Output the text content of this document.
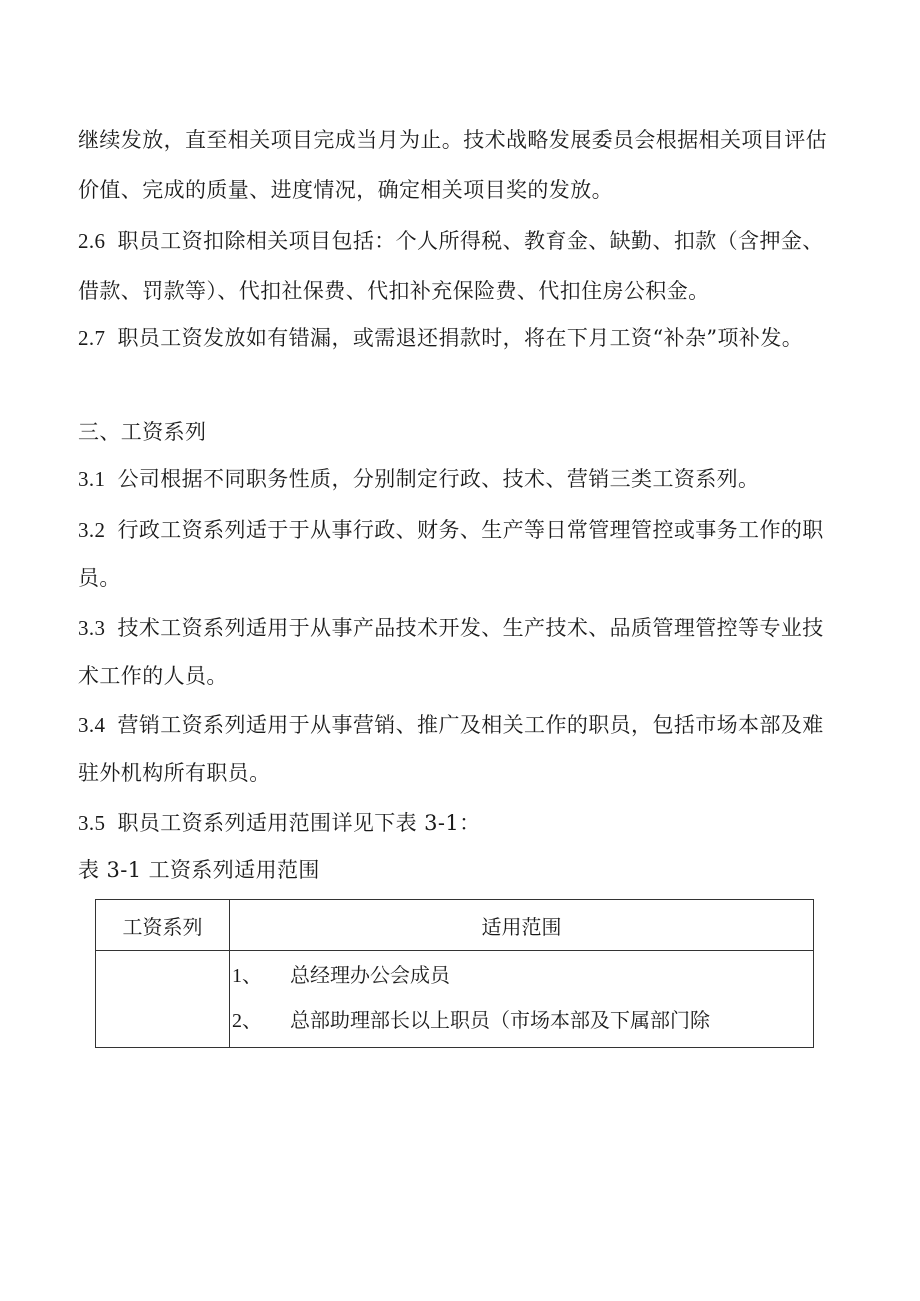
继续发放，直至相关项目完成当月为止。技术战略发展委员会根据相关项目评估
价值、完成的质量、进度情况，确定相关项目奖的发放。
2.6 职员工资扣除相关项目包括：个人所得税、教育金、缺勤、扣款（含押金、
借款、罚款等）、代扣社保费、代扣补充保险费、代扣住房公积金。
2.7 职员工资发放如有错漏，或需退还捐款时，将在下月工资“补杂”项补发。
三、工资系列
3.1 公司根据不同职务性质，分别制定行政、技术、营销三类工资系列。
3.2 行政工资系列适于于从事行政、财务、生产等日常管理管控或事务工作的职
员。
3.3 技术工资系列适用于从事产品技术开发、生产技术、品质管理管控等专业技
术工作的人员。
3.4 营销工资系列适用于从事营销、推广及相关工作的职员，包括市场本部及难
驻外机构所有职员。
3.5 职员工资系列适用范围详见下表 3-1：
表 3-1 工资系列适用范围
工资系列	适用范围

	1、 总经理办公会成员
2、 总部助理部长以上职员（市场本部及下属部门除
